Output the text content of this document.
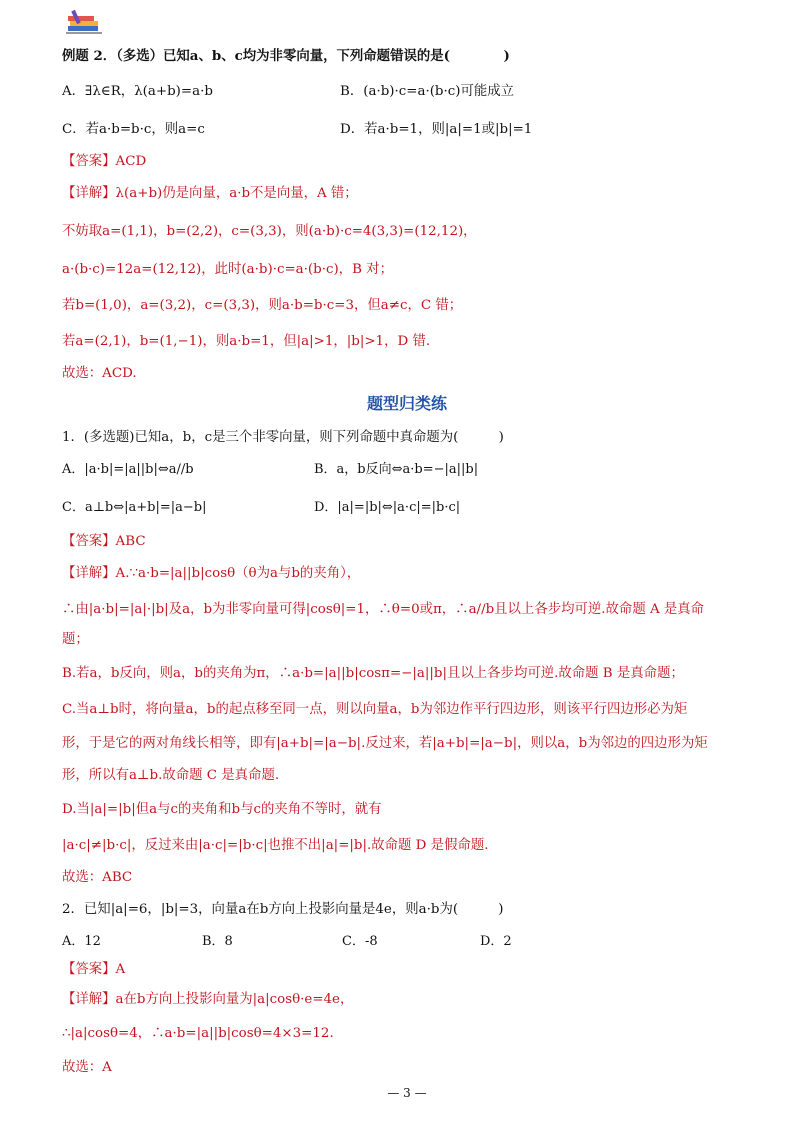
例题 2．（多选）已知a、b、c均为非零向量，下列命题错误的是(　　　　)
A．∃λ∈R，λ(a+b)=a·b	B．(a·b)·c=a·(b·c)可能成立
C．若a·b=b·c，则a=c	D．若a·b=1，则|a|=1或|b|=1
【答案】ACD
【详解】λ(a+b)仍是向量，a·b不是向量，A 错；
不妨取a=(1,1)，b=(2,2)，c=(3,3)，则(a·b)·c=4(3,3)=(12,12)，
a·(b·c)=12a=(12,12)，此时(a·b)·c=a·(b·c)，B 对；
若b=(1,0)，a=(3,2)，c=(3,3)，则a·b=b·c=3，但a≠c，C 错；
若a=(2,1)，b=(1,−1)，则a·b=1，但|a|>1，|b|>1，D 错.
故选：ACD.
题型归类练
1．(多选题)已知a，b，c是三个非零向量，则下列命题中真命题为(　　　)
A．|a·b|=|a||b|⇔a//b	B．a，b反向⇔a·b=−|a||b|
C．a⊥b⇔|a+b|=|a−b|	D．|a|=|b|⇔|a·c|=|b·c|
【答案】ABC
【详解】A.∵a·b=|a||b|cosθ（θ为a与b的夹角），
∴由|a·b|=|a|·|b|及a，b为非零向量可得|cosθ|=1，∴θ=0或π，∴a//b且以上各步均可逆.故命题 A 是真命
题；
B.若a，b反向，则a，b的夹角为π，∴a·b=|a||b|cosπ=−|a||b|且以上各步均可逆.故命题 B 是真命题；
C.当a⊥b时，将向量a，b的起点移至同一点，则以向量a，b为邻边作平行四边形，则该平行四边形必为矩
形，于是它的两对角线长相等，即有|a+b|=|a−b|.反过来，若|a+b|=|a−b|，则以a，b为邻边的四边形为矩
形，所以有a⊥b.故命题 C 是真命题.
D.当|a|=|b|但a与c的夹角和b与c的夹角不等时，就有
|a·c|≠|b·c|，反过来由|a·c|=|b·c|也推不出|a|=|b|.故命题 D 是假命题.
故选：ABC
2．已知|a|=6，|b|=3，向量a在b方向上投影向量是4e，则a·b为(　　　)
A．12	B．8	C．-8	D．2
【答案】A
【详解】a在b方向上投影向量为|a|cosθ·e=4e，
∴|a|cosθ=4，∴a·b=|a||b|cosθ=4×3=12.
故选：A
— 3 —
